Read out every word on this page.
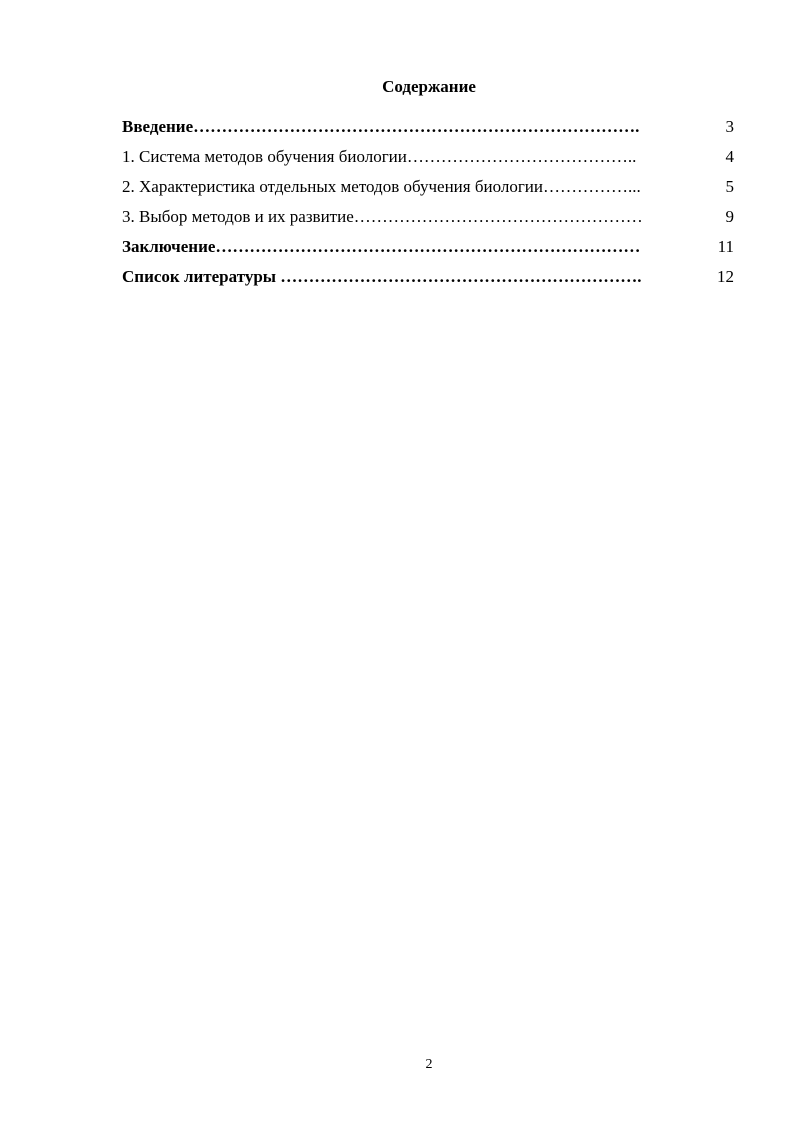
Содержание
Введение…………………………………………………………………….	3
1. Система методов обучения биологии…………………………………..	4
2. Характеристика отдельных методов обучения биологии……………...	5
3. Выбор методов и их развитие……………………………………………	9
Заключение…………………………………………………………………	11
Список литературы ……………………………………………………….	12
2
